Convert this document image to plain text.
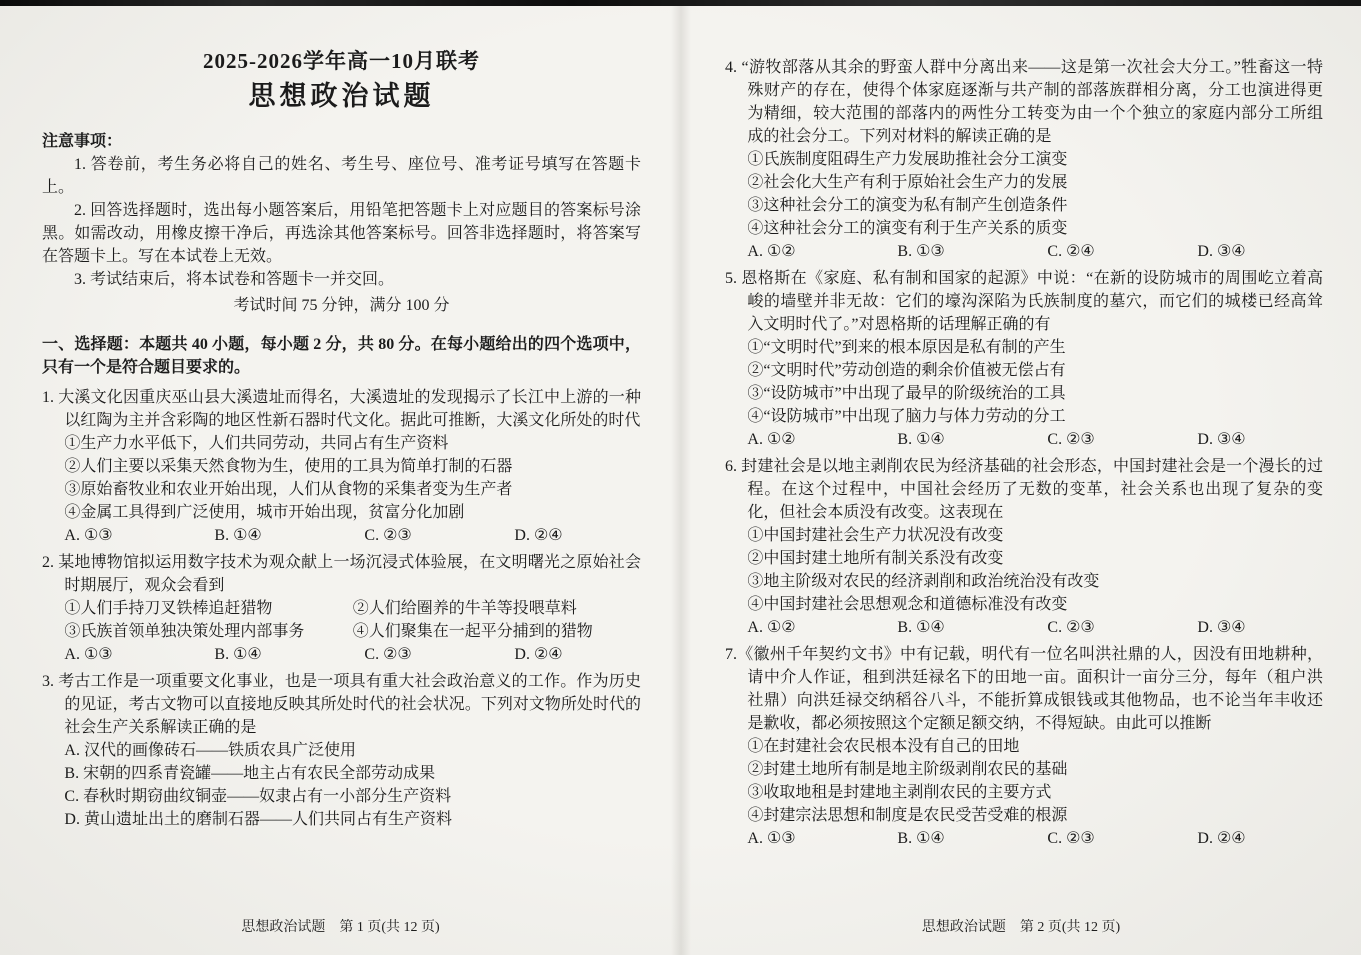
2025-2026学年高一10月联考
思想政治试题

注意事项：

1. 答卷前，考生务必将自己的姓名、考生号、座位号、准考证号填写在答题卡上。

2. 回答选择题时，选出每小题答案后，用铅笔把答题卡上对应题目的答案标号涂黑。如需改动，用橡皮擦干净后，再选涂其他答案标号。回答非选择题时，将答案写在答题卡上。写在本试卷上无效。

3. 考试结束后，将本试卷和答题卡一并交回。

考试时间 75 分钟，满分 100 分

一、选择题：本题共 40 小题，每小题 2 分，共 80 分。在每小题给出的四个选项中，只有一个是符合题目要求的。

1. 大溪文化因重庆巫山县大溪遗址而得名，大溪遗址的发现揭示了长江中上游的一种以红陶为主并含彩陶的地区性新石器时代文化。据此可推断，大溪文化所处的时代

①生产力水平低下，人们共同劳动，共同占有生产资料

②人们主要以采集天然食物为生，使用的工具为简单打制的石器

③原始畜牧业和农业开始出现，人们从食物的采集者变为生产者

④金属工具得到广泛使用，城市开始出现，贫富分化加剧

A. ①③	B. ①④	C. ②③	D. ②④

2. 某地博物馆拟运用数字技术为观众献上一场沉浸式体验展，在文明曙光之原始社会时期展厅，观众会看到

①人们手持刀叉铁棒追赶猎物	②人们给圈养的牛羊等投喂草料
③氏族首领单独决策处理内部事务	④人们聚集在一起平分捕到的猎物
A. ①③	B. ①④	C. ②③	D. ②④

3. 考古工作是一项重要文化事业，也是一项具有重大社会政治意义的工作。作为历史的见证，考古文物可以直接地反映其所处时代的社会状况。下列对文物所处时代的社会生产关系解读正确的是

A. 汉代的画像砖石——铁质农具广泛使用

B. 宋朝的四系青瓷罐——地主占有农民全部劳动成果

C. 春秋时期窃曲纹铜壶——奴隶占有一小部分生产资料

D. 黄山遗址出土的磨制石器——人们共同占有生产资料

思想政治试题　第 1 页(共 12 页)

4. “游牧部落从其余的野蛮人群中分离出来——这是第一次社会大分工。”牲畜这一特殊财产的存在，使得个体家庭逐渐与共产制的部落族群相分离，分工也演进得更为精细，较大范围的部落内的两性分工转变为由一个个独立的家庭内部分工所组成的社会分工。下列对材料的解读正确的是

①氏族制度阻碍生产力发展助推社会分工演变

②社会化大生产有利于原始社会生产力的发展

③这种社会分工的演变为私有制产生创造条件

④这种社会分工的演变有利于生产关系的质变

A. ①②	B. ①③	C. ②④	D. ③④

5. 恩格斯在《家庭、私有制和国家的起源》中说：“在新的设防城市的周围屹立着高峻的墙壁并非无故：它们的壕沟深陷为氏族制度的墓穴，而它们的城楼已经高耸入文明时代了。”对恩格斯的话理解正确的有

①“文明时代”到来的根本原因是私有制的产生

②“文明时代”劳动创造的剩余价值被无偿占有

③“设防城市”中出现了最早的阶级统治的工具

④“设防城市”中出现了脑力与体力劳动的分工

A. ①②	B. ①④	C. ②③	D. ③④

6. 封建社会是以地主剥削农民为经济基础的社会形态，中国封建社会是一个漫长的过程。在这个过程中，中国社会经历了无数的变革，社会关系也出现了复杂的变化，但社会本质没有改变。这表现在

①中国封建社会生产力状况没有改变

②中国封建土地所有制关系没有改变

③地主阶级对农民的经济剥削和政治统治没有改变

④中国封建社会思想观念和道德标准没有改变

A. ①②	B. ①④	C. ②③	D. ③④

7.《徽州千年契约文书》中有记载，明代有一位名叫洪社鼎的人，因没有田地耕种，请中介人作证，租到洪廷禄名下的田地一亩。面积计一亩分三分，每年（租户洪社鼎）向洪廷禄交纳稻谷八斗，不能折算成银钱或其他物品，也不论当年丰收还是歉收，都必须按照这个定额足额交纳，不得短缺。由此可以推断

①在封建社会农民根本没有自己的田地

②封建土地所有制是地主阶级剥削农民的基础

③收取地租是封建地主剥削农民的主要方式

④封建宗法思想和制度是农民受苦受难的根源

A. ①③	B. ①④	C. ②③	D. ②④
思想政治试题　第 2 页(共 12 页)
